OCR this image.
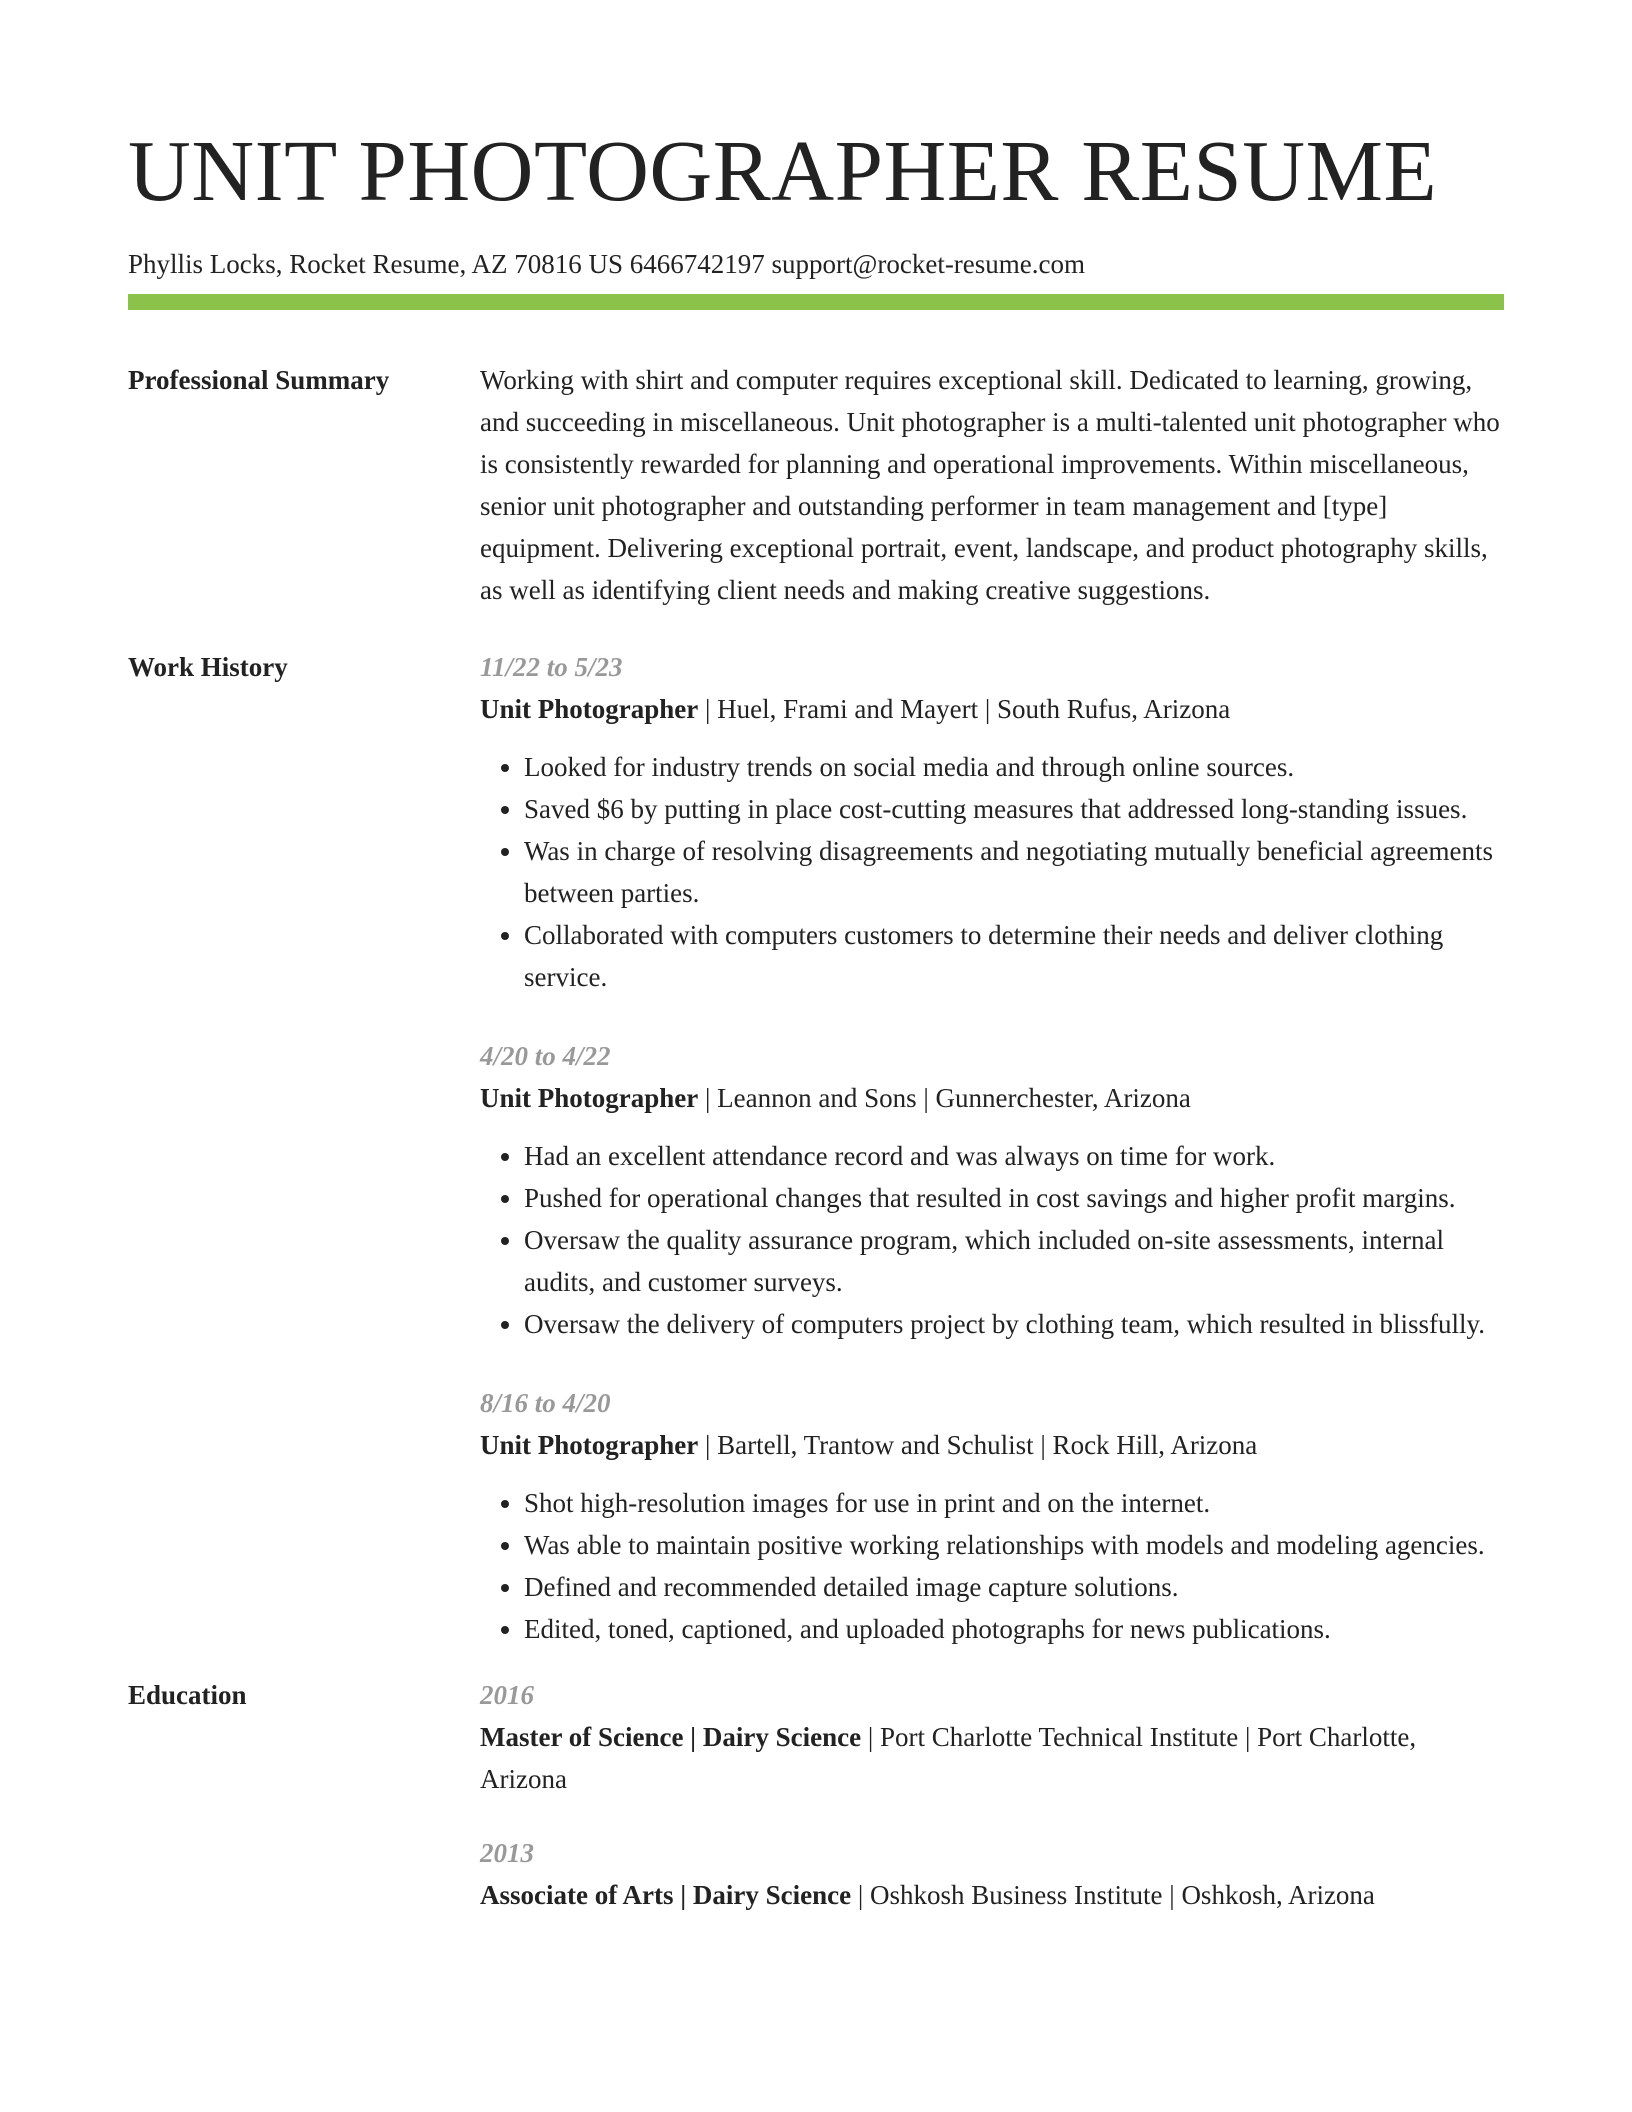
UNIT PHOTOGRAPHER RESUME
Phyllis Locks, Rocket Resume, AZ 70816 US 6466742197 support@rocket-resume.com
Professional Summary	Working with shirt and computer requires exceptional skill. Dedicated to learning, growing, and succeeding in miscellaneous. Unit photographer is a multi-talented unit photographer who is consistently rewarded for planning and operational improvements. Within miscellaneous, senior unit photographer and outstanding performer in team management and [type] equipment. Delivering exceptional portrait, event, landscape, and product photography skills, as well as identifying client needs and making creative suggestions.

Work History	11/22 to 5/23
Unit Photographer | Huel, Frami and Mayert | South Rufus, Arizona
• Looked for industry trends on social media and through online sources.
• Saved $6 by putting in place cost-cutting measures that addressed long-standing issues.
• Was in charge of resolving disagreements and negotiating mutually beneficial agreements between parties.
• Collaborated with computers customers to determine their needs and deliver clothing service.
4/20 to 4/22
Unit Photographer | Leannon and Sons | Gunnerchester, Arizona
• Had an excellent attendance record and was always on time for work.
• Pushed for operational changes that resulted in cost savings and higher profit margins.
• Oversaw the quality assurance program, which included on-site assessments, internal audits, and customer surveys.
• Oversaw the delivery of computers project by clothing team, which resulted in blissfully.
8/16 to 4/20
Unit Photographer | Bartell, Trantow and Schulist | Rock Hill, Arizona
• Shot high-resolution images for use in print and on the internet.
• Was able to maintain positive working relationships with models and modeling agencies.
• Defined and recommended detailed image capture solutions.
• Edited, toned, captioned, and uploaded photographs for news publications.
Education	2016
Master of Science | Dairy Science | Port Charlotte Technical Institute | Port Charlotte, Arizona
2013
Associate of Arts | Dairy Science | Oshkosh Business Institute | Oshkosh, Arizona
